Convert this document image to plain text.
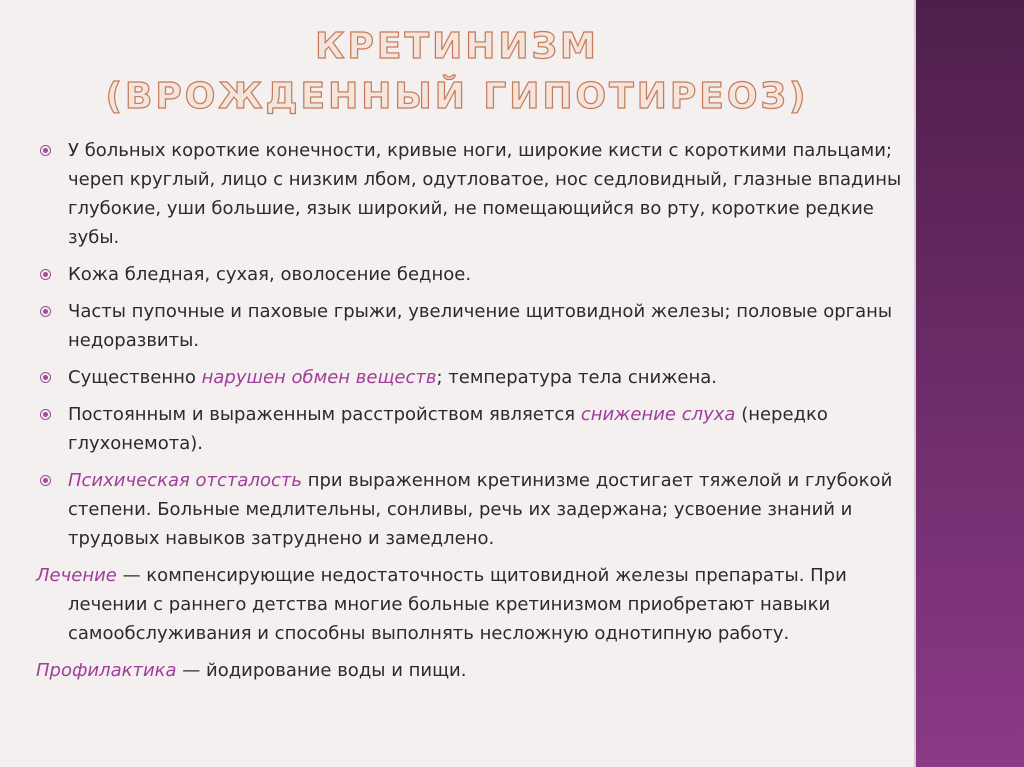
КРЕТИНИЗМ
(ВРОЖДЕННЫЙ ГИПОТИРЕОЗ)
У больных короткие конечности, кривые ноги, широкие кисти с короткими пальцами; череп круглый, лицо с низким лбом, одутловатое, нос седловидный, глазные впадины глубокие, уши большие, язык широкий, не помещающийся во рту, короткие редкие зубы.
Кожа бледная, сухая, оволосение бедное.
Часты пупочные и паховые грыжи, увеличение щитовидной железы; половые органы недоразвиты.
Существенно нарушен обмен веществ; температура тела снижена.
Постоянным и выраженным расстройством является снижение слуха (нередко глухонемота).
Психическая отсталость при выраженном кретинизме достигает тяжелой и глубокой степени. Больные медлительны, сонливы, речь их задержана; усвоение знаний и трудовых навыков затруднено и замедлено.

Лечение — компенсирующие недостаточность щитовидной железы препараты. При лечении с раннего детства многие больные кретинизмом приобретают навыки самообслуживания и способны выполнять несложную однотипную работу.

Профилактика — йодирование воды и пищи.
